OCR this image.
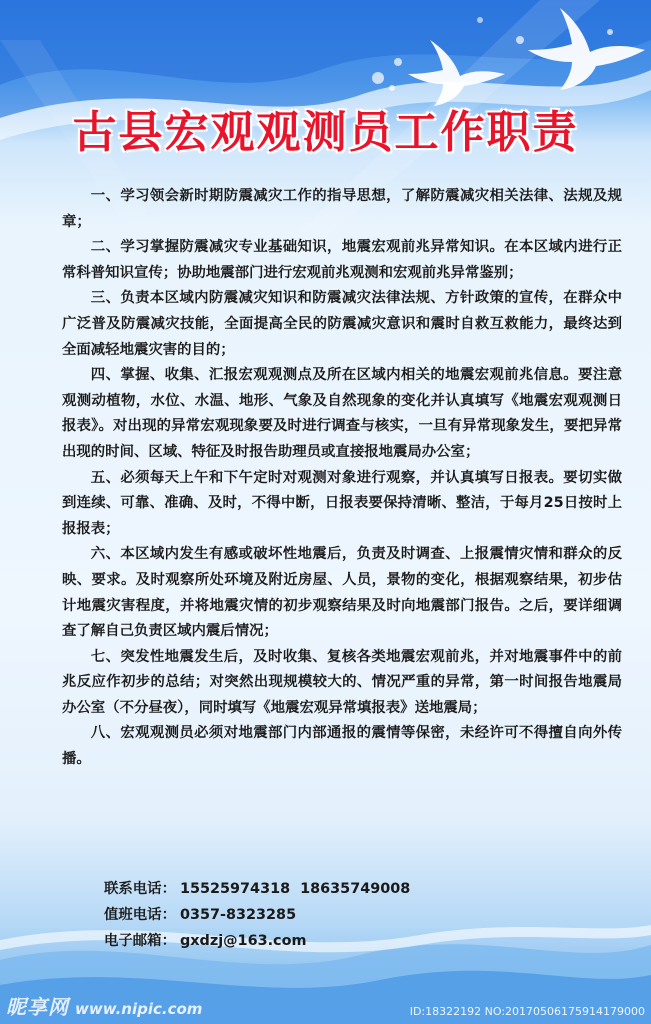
古县宏观观测员工作职责

一、学习领会新时期防震减灾工作的指导思想，了解防震减灾相关法律、法规及规章；

二、学习掌握防震减灾专业基础知识，地震宏观前兆异常知识。在本区域内进行正常科普知识宣传；协助地震部门进行宏观前兆观测和宏观前兆异常鉴别；

三、负责本区域内防震减灾知识和防震减灾法律法规、方针政策的宣传，在群众中广泛普及防震减灾技能，全面提高全民的防震减灾意识和震时自救互救能力，最终达到全面减轻地震灾害的目的；

四、掌握、收集、汇报宏观观测点及所在区域内相关的地震宏观前兆信息。要注意观测动植物，水位、水温、地形、气象及自然现象的变化并认真填写《地震宏观观测日报表》。对出现的异常宏观现象要及时进行调查与核实，一旦有异常现象发生，要把异常出现的时间、区域、特征及时报告助理员或直接报地震局办公室；

五、必须每天上午和下午定时对观测对象进行观察，并认真填写日报表。要切实做到连续、可靠、准确、及时，不得中断，日报表要保持清晰、整洁，于每月25日按时上报报表；

六、本区域内发生有感或破坏性地震后，负责及时调查、上报震情灾情和群众的反映、要求。及时观察所处环境及附近房屋、人员，景物的变化，根据观察结果，初步估计地震灾害程度，并将地震灾情的初步观察结果及时向地震部门报告。之后，要详细调查了解自己负责区域内震后情况；

七、突发性地震发生后，及时收集、复核各类地震宏观前兆，并对地震事件中的前兆反应作初步的总结；对突然出现规模较大的、情况严重的异常，第一时间报告地震局办公室（不分昼夜），同时填写《地震宏观异常填报表》送地震局；

八、宏观观测员必须对地震部门内部通报的震情等保密，未经许可不得擅自向外传播。

联系电话： 15525974318  18635749008
值班电话： 0357-8323285
电子邮箱： gxdzj@163.com
昵享网 www.nipic.com	ID:18322192 NO:20170506175914179000
